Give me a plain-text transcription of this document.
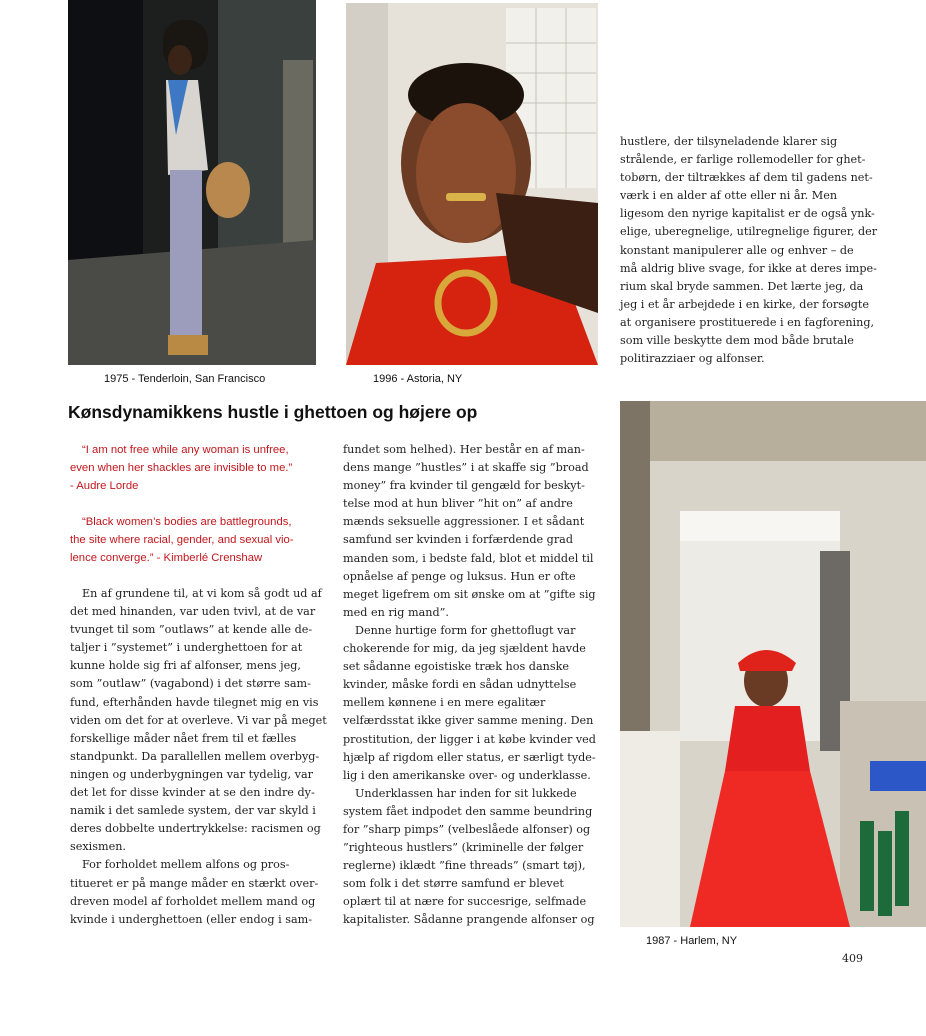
1975 - Tenderloin, San Francisco	1996 - Astoria, NY
Kønsdynamikkens hustle i ghettoen og højere op
“I am not free while any woman is unfree,
even when her shackles are invisible to me.”
- Audre Lorde
“Black women’s bodies are battlegrounds,
the site where racial, gender, and sexual vio-
lence converge.” - Kimberlé Crenshaw
En af grundene til, at vi kom så godt ud af
det med hinanden, var uden tvivl, at de var
tvunget til som ”outlaws” at kende alle de-
taljer i ”systemet” i underghettoen for at
kunne holde sig fri af alfonser, mens jeg,
som ”outlaw” (vagabond) i det større sam-
fund, efterhånden havde tilegnet mig en vis
viden om det for at overleve. Vi var på meget
forskellige måder nået frem til et fælles
standpunkt. Da parallellen mellem overbyg-
ningen og underbygningen var tydelig, var
det let for disse kvinder at se den indre dy-
namik i det samlede system, der var skyld i
deres dobbelte undertrykkelse: racismen og
sexismen.
For forholdet mellem alfons og pros-
titueret er på mange måder en stærkt over-
dreven model af forholdet mellem mand og
kvinde i underghettoen (eller endog i sam-
fundet som helhed). Her består en af man-
dens mange ”hustles” i at skaffe sig ”broad
money” fra kvinder til gengæld for beskyt-
telse mod at hun bliver ”hit on” af andre
mænds seksuelle aggressioner. I et sådant
samfund ser kvinden i forfærdende grad
manden som, i bedste fald, blot et middel til
opnåelse af penge og luksus. Hun er ofte
meget ligefrem om sit ønske om at ”gifte sig
med en rig mand”.
Denne hurtige form for ghettoflugt var
chokerende for mig, da jeg sjældent havde
set sådanne egoistiske træk hos danske
kvinder, måske fordi en sådan udnyttelse
mellem kønnene i en mere egalitær
velfærdsstat ikke giver samme mening. Den
prostitution, der ligger i at købe kvinder ved
hjælp af rigdom eller status, er særligt tyde-
lig i den amerikanske over- og underklasse.
Underklassen har inden for sit lukkede
system fået indpodet den samme beundring
for ”sharp pimps” (velbeslåede alfonser) og
”righteous hustlers” (kriminelle der følger
reglerne) iklædt ”fine threads” (smart tøj),
som folk i det større samfund er blevet
oplært til at nære for succesrige, selfmade
kapitalister. Sådanne prangende alfonser og
hustlere, der tilsyneladende klarer sig
strålende, er farlige rollemodeller for ghet-
tobørn, der tiltrækkes af dem til gadens net-
værk i en alder af otte eller ni år. Men
ligesom den nyrige kapitalist er de også ynk-
elige, uberegnelige, utilregnelige figurer, der
konstant manipulerer alle og enhver – de
må aldrig blive svage, for ikke at deres impe-
rium skal bryde sammen. Det lærte jeg, da
jeg i et år arbejdede i en kirke, der forsøgte
at organisere prostituerede i en fagforening,
som ville beskytte dem mod både brutale
politirazziaer og alfonser.
1987 - Harlem, NY
409
